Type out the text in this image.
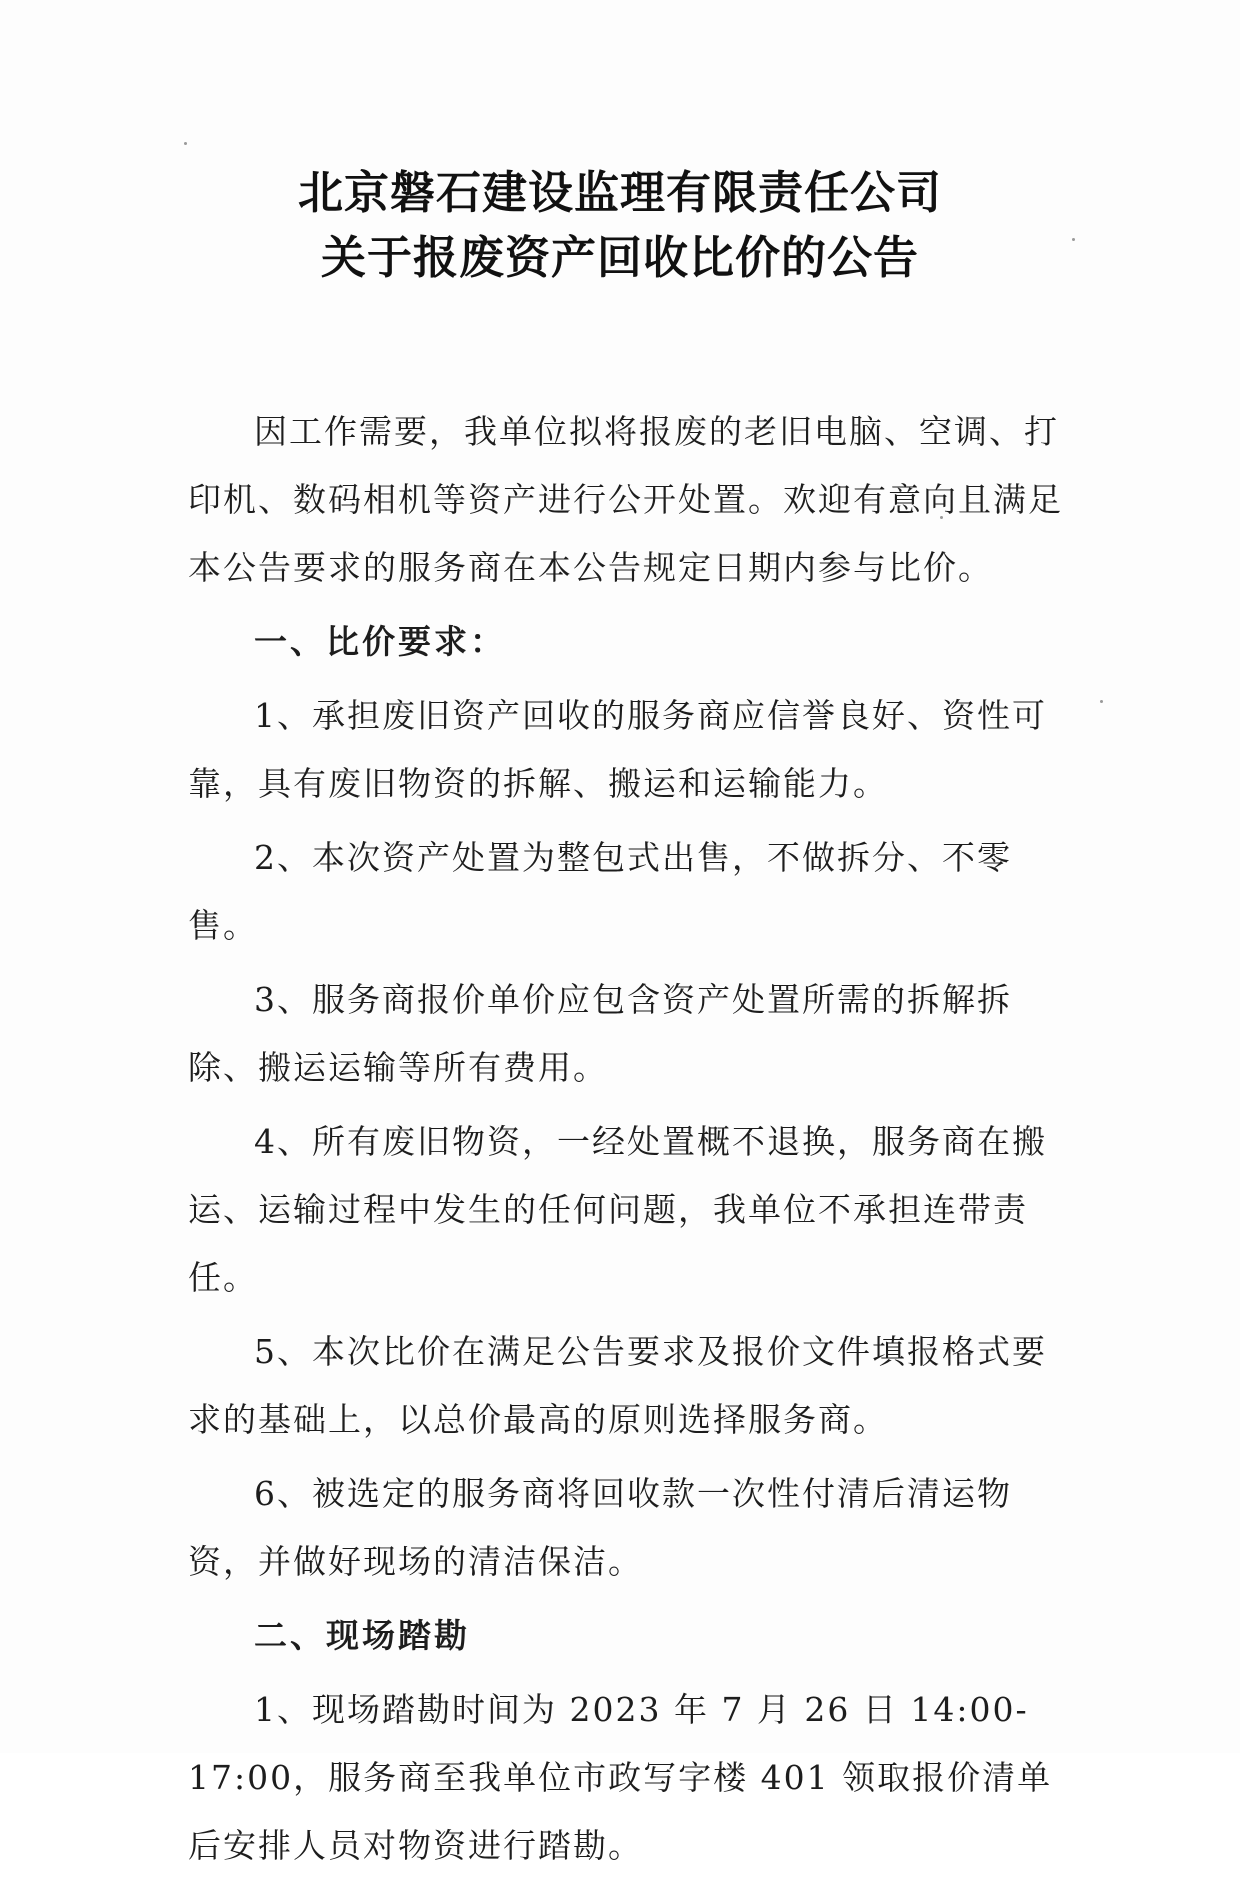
北京磐石建设监理有限责任公司
关于报废资产回收比价的公告

因工作需要，我单位拟将报废的老旧电脑、空调、打印机、数码相机等资产进行公开处置。欢迎有意向且满足本公告要求的服务商在本公告规定日期内参与比价。

一、比价要求：

1、承担废旧资产回收的服务商应信誉良好、资性可靠，具有废旧物资的拆解、搬运和运输能力。

2、本次资产处置为整包式出售，不做拆分、不零售。

3、服务商报价单价应包含资产处置所需的拆解拆除、搬运运输等所有费用。

4、所有废旧物资，一经处置概不退换，服务商在搬运、运输过程中发生的任何问题，我单位不承担连带责任。

5、本次比价在满足公告要求及报价文件填报格式要求的基础上，以总价最高的原则选择服务商。

6、被选定的服务商将回收款一次性付清后清运物资，并做好现场的清洁保洁。

二、现场踏勘

1、现场踏勘时间为 2023 年 7 月 26 日 14:00-17:00，服务商至我单位市政写字楼 401 领取报价清单后安排人员对物资进行踏勘。
